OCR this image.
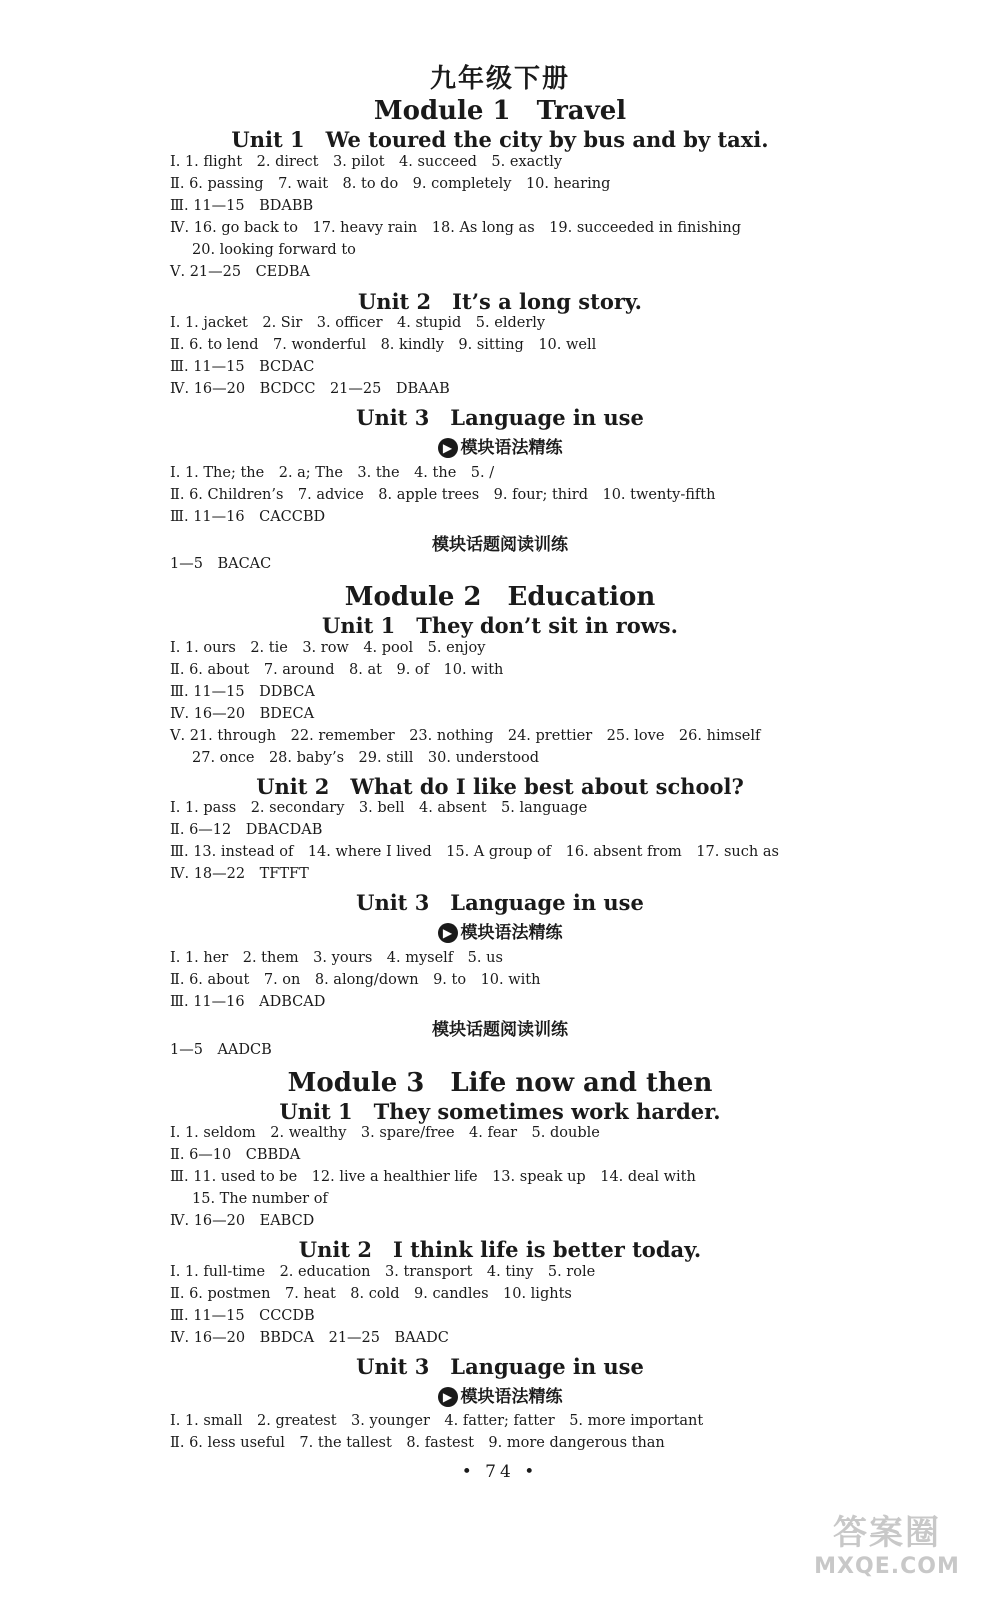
九年级下册
Module 1　Travel
Unit 1　We toured the city by bus and by taxi.
Ⅰ. 1. flight　2. direct　3. pilot　4. succeed　5. exactly
Ⅱ. 6. passing　7. wait　8. to do　9. completely　10. hearing
Ⅲ. 11—15　BDABB
Ⅳ. 16. go back to　17. heavy rain　18. As long as　19. succeeded in finishing
20. looking forward to
Ⅴ. 21—25　CEDBA
Unit 2　It’s a long story.
Ⅰ. 1. jacket　2. Sir　3. officer　4. stupid　5. elderly
Ⅱ. 6. to lend　7. wonderful　8. kindly　9. sitting　10. well
Ⅲ. 11—15　BCDAC
Ⅳ. 16—20　BCDCC　21—25　DBAAB
Unit 3　Language in use
▶ 模块语法精练
Ⅰ. 1. The; the　2. a; The　3. the　4. the　5. /
Ⅱ. 6. Children’s　7. advice　8. apple trees　9. four; third　10. twenty-fifth
Ⅲ. 11—16　CACCBD
模块话题阅读训练
1—5　BACAC
Module 2　Education
Unit 1　They don’t sit in rows.
Ⅰ. 1. ours　2. tie　3. row　4. pool　5. enjoy
Ⅱ. 6. about　7. around　8. at　9. of　10. with
Ⅲ. 11—15　DDBCA
Ⅳ. 16—20　BDECA
Ⅴ. 21. through　22. remember　23. nothing　24. prettier　25. love　26. himself
27. once　28. baby’s　29. still　30. understood
Unit 2　What do I like best about school?
Ⅰ. 1. pass　2. secondary　3. bell　4. absent　5. language
Ⅱ. 6—12　DBACDAB
Ⅲ. 13. instead of　14. where I lived　15. A group of　16. absent from　17. such as
Ⅳ. 18—22　TFTFT
Unit 3　Language in use
▶ 模块语法精练
Ⅰ. 1. her　2. them　3. yours　4. myself　5. us
Ⅱ. 6. about　7. on　8. along/down　9. to　10. with
Ⅲ. 11—16　ADBCAD
模块话题阅读训练
1—5　AADCB
Module 3　Life now and then
Unit 1　They sometimes work harder.
Ⅰ. 1. seldom　2. wealthy　3. spare/free　4. fear　5. double
Ⅱ. 6—10　CBBDA
Ⅲ. 11. used to be　12. live a healthier life　13. speak up　14. deal with
15. The number of
Ⅳ. 16—20　EABCD
Unit 2　I think life is better today.
Ⅰ. 1. full-time　2. education　3. transport　4. tiny　5. role
Ⅱ. 6. postmen　7. heat　8. cold　9. candles　10. lights
Ⅲ. 11—15　CCCDB
Ⅳ. 16—20　BBDCA　21—25　BAADC
Unit 3　Language in use
▶ 模块语法精练
Ⅰ. 1. small　2. greatest　3. younger　4. fatter; fatter　5. more important
Ⅱ. 6. less useful　7. the tallest　8. fastest　9. more dangerous than
• 74 •
答案圈
MXQE.COM
